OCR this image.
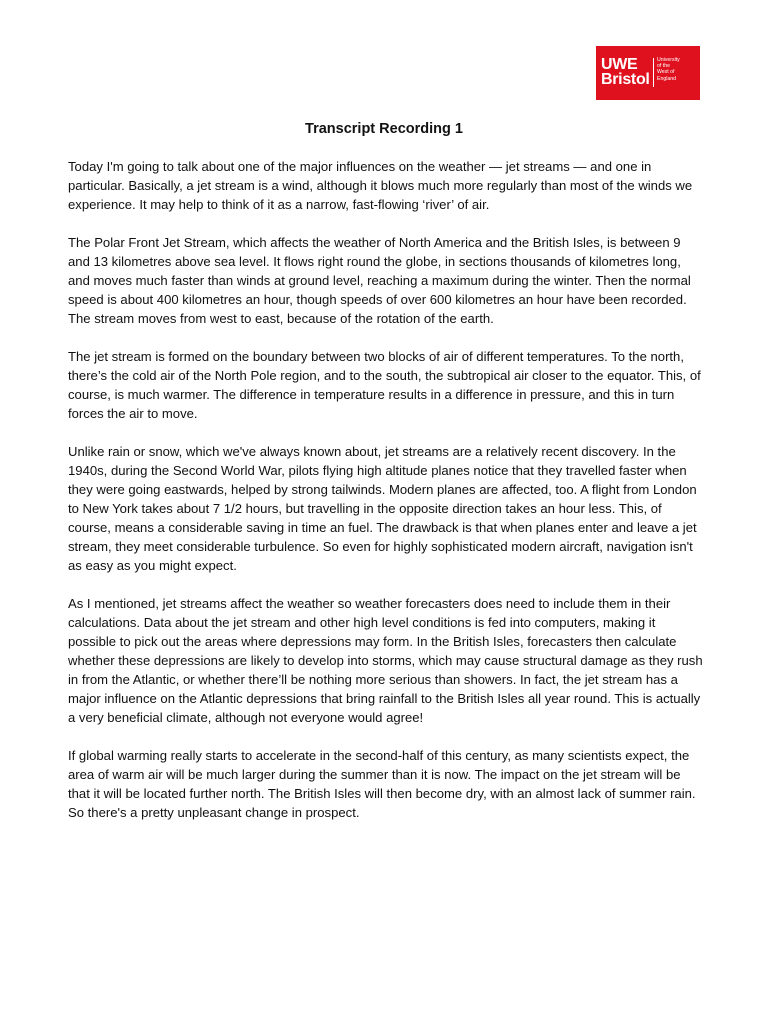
UWE
Bristol
University
of the
West of
England
Transcript Recording 1

Today I'm going to talk about one of the major influences on the weather — jet streams — and one in particular. Basically, a jet stream is a wind, although it blows much more regularly than most of the winds we experience. It may help to think of it as a narrow, fast-flowing ‘river’ of air.

The Polar Front Jet Stream, which affects the weather of North America and the British Isles, is between 9 and 13 kilometres above sea level. It flows right round the globe, in sections thousands of kilometres long, and moves much faster than winds at ground level, reaching a maximum during the winter. Then the normal speed is about 400 kilometres an hour, though speeds of over 600 kilometres an hour have been recorded. The stream moves from west to east, because of the rotation of the earth.

The jet stream is formed on the boundary between two blocks of air of different temperatures. To the north, there’s the cold air of the North Pole region, and to the south, the subtropical air closer to the equator. This, of course, is much warmer. The difference in temperature results in a difference in pressure, and this in turn forces the air to move.

Unlike rain or snow, which we've always known about, jet streams are a relatively recent discovery. In the 1940s, during the Second World War, pilots flying high altitude planes notice that they travelled faster when they were going eastwards, helped by strong tailwinds. Modern planes are affected, too. A flight from London to New York takes about 7 1/2 hours, but travelling in the opposite direction takes an hour less. This, of course, means a considerable saving in time an fuel. The drawback is that when planes enter and leave a jet stream, they meet considerable turbulence. So even for highly sophisticated modern aircraft, navigation isn't as easy as you might expect.

As I mentioned, jet streams affect the weather so weather forecasters does need to include them in their calculations. Data about the jet stream and other high level conditions is fed into computers, making it possible to pick out the areas where depressions may form. In the British Isles, forecasters then calculate whether these depressions are likely to develop into storms, which may cause structural damage as they rush in from the Atlantic, or whether there’ll be nothing more serious than showers. In fact, the jet stream has a major influence on the Atlantic depressions that bring rainfall to the British Isles all year round. This is actually a very beneficial climate, although not everyone would agree!

If global warming really starts to accelerate in the second-half of this century, as many scientists expect, the area of warm air will be much larger during the summer than it is now. The impact on the jet stream will be that it will be located further north. The British Isles will then become dry, with an almost lack of summer rain. So there's a pretty unpleasant change in prospect.
